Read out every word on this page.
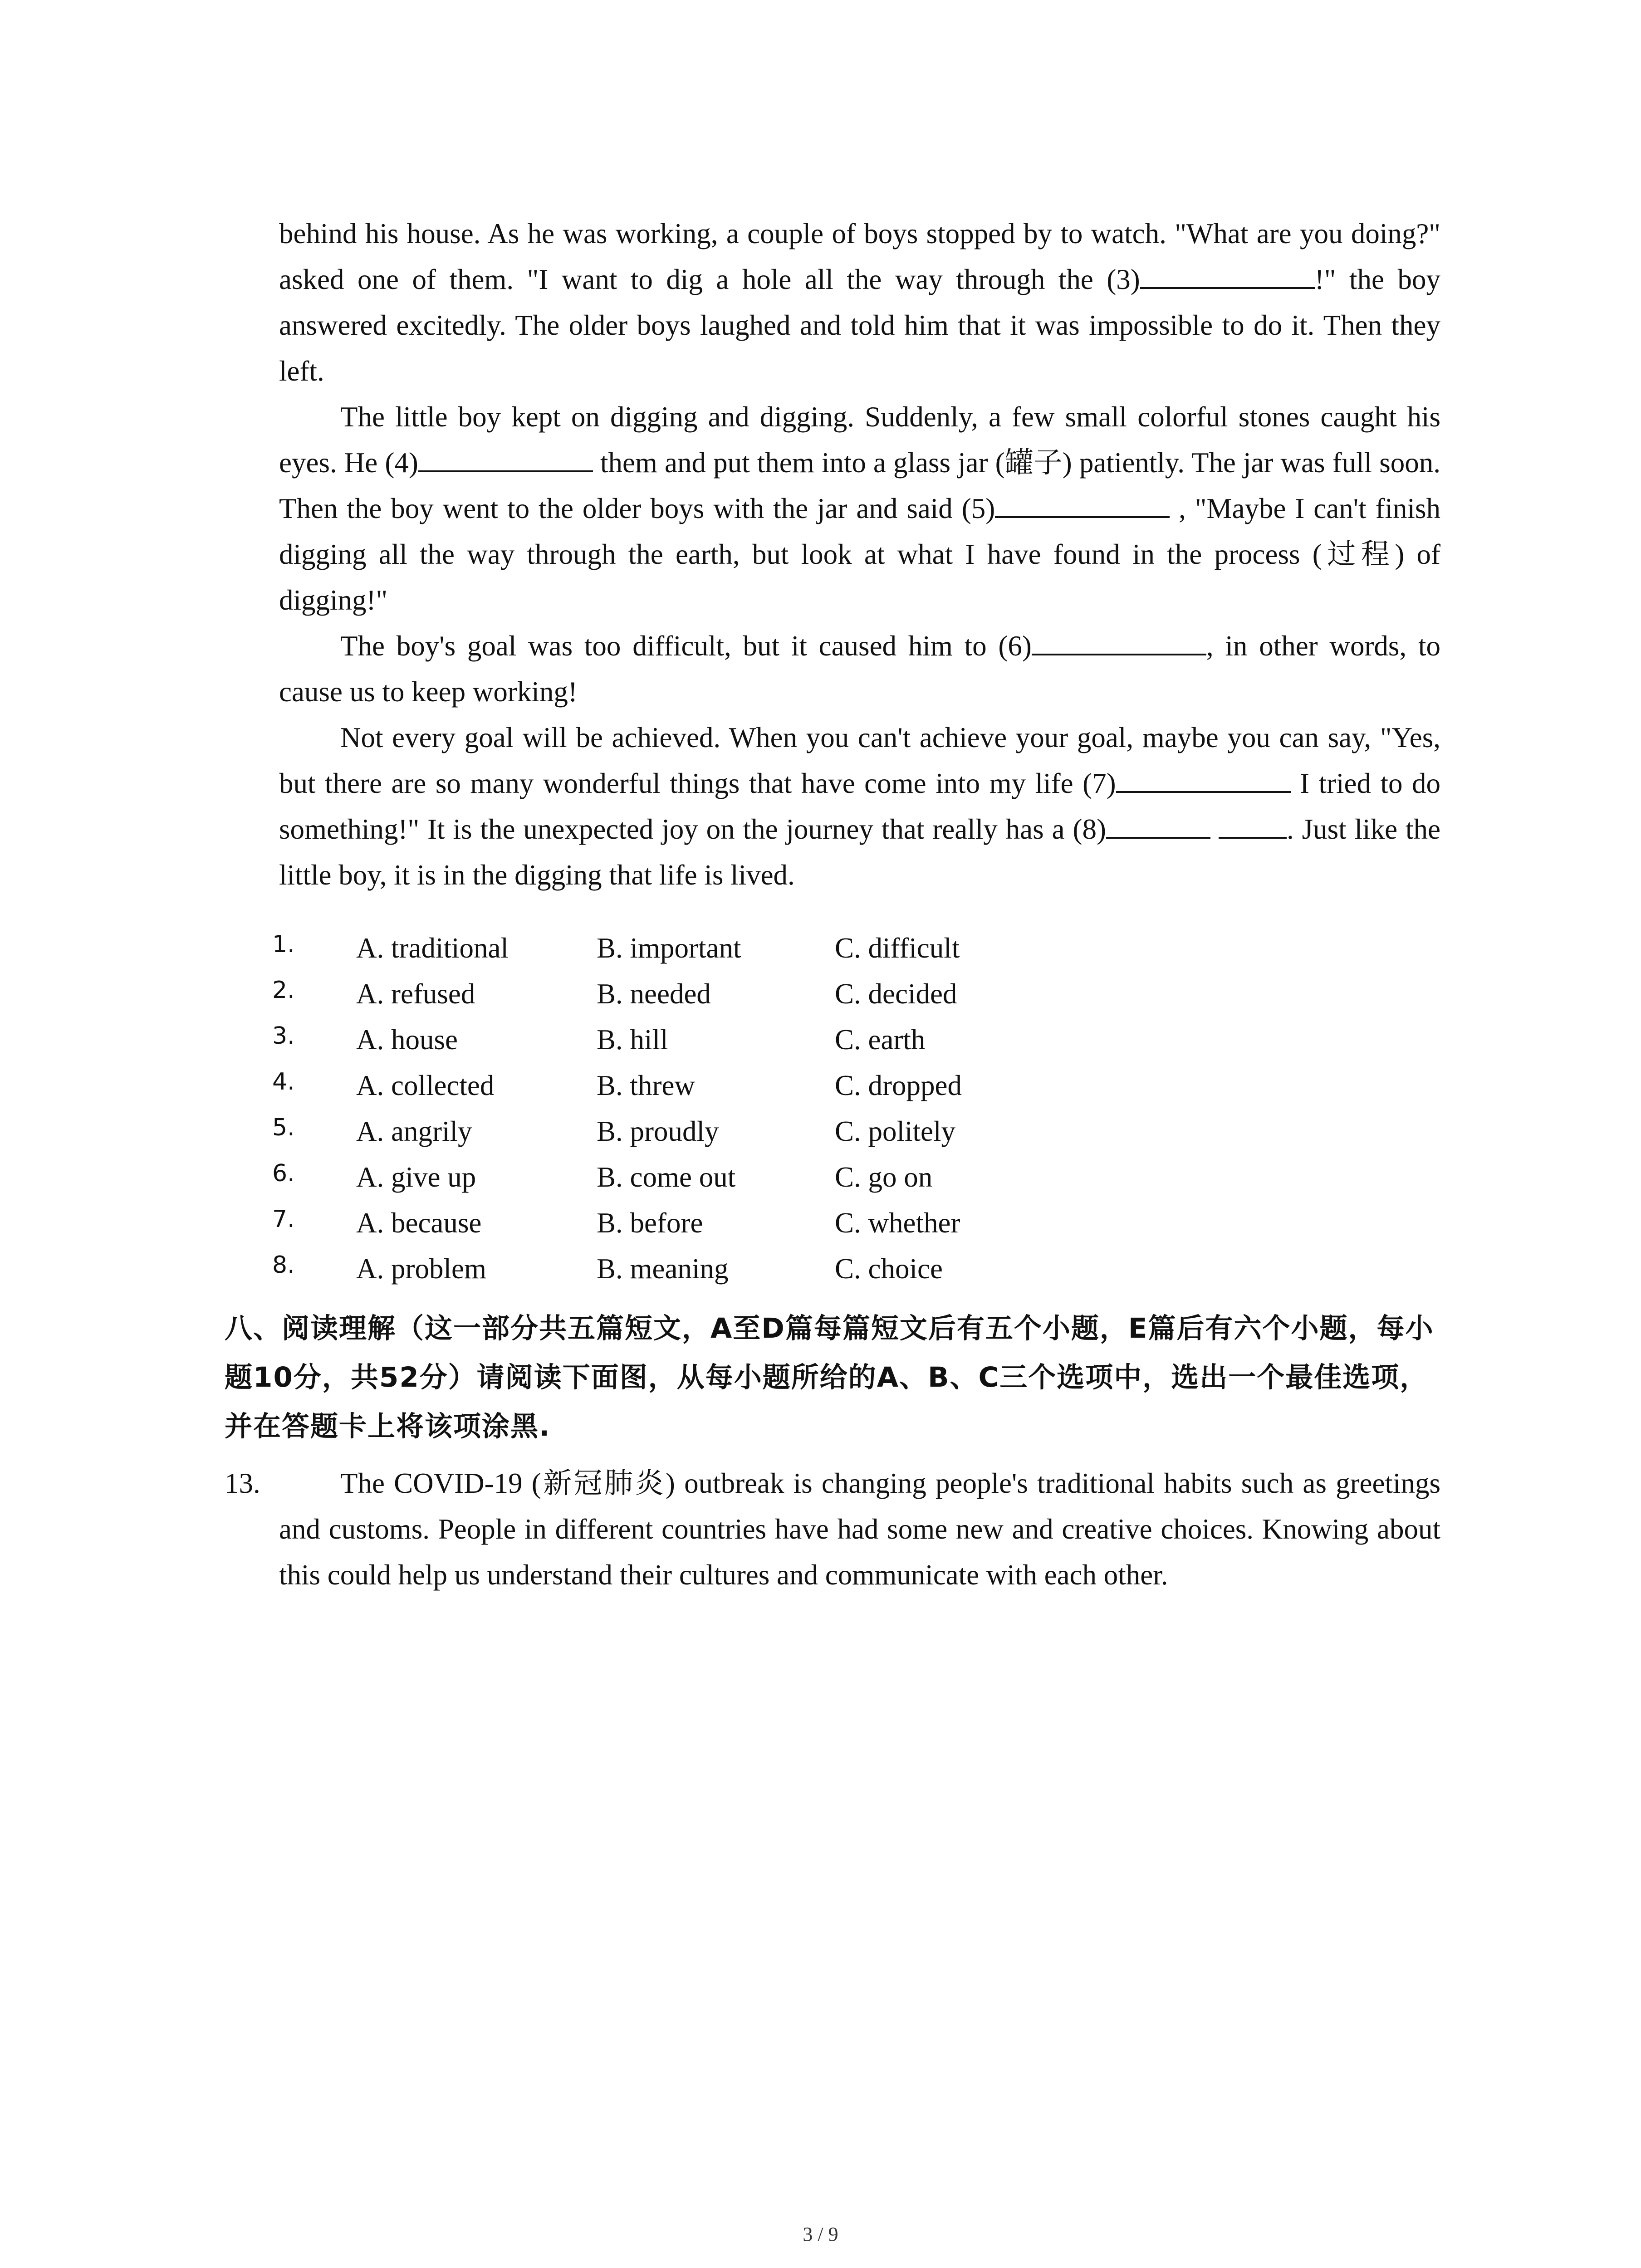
behind his house. As he was working, a couple of boys stopped by to watch. "What are you doing?" asked one of them. "I want to dig a hole all the way through the (3)	!" the boy answered excitedly. The older boys laughed and told him that it was impossible to do it. Then they left.

The little boy kept on digging and digging. Suddenly, a few small colorful stones caught his eyes. He (4)	them and put them into a glass jar (罐子) patiently. The jar was full soon. Then the boy went to the older boys with the jar and said (5)	, "Maybe I can't finish digging all the way through the earth, but look at what I have found in the process (过程) of digging!"

The boy's goal was too difficult, but it caused him to (6)	, in other words, to cause us to keep working!

Not every goal will be achieved. When you can't achieve your goal, maybe you can say, "Yes, but there are so many wonderful things that have come into my life (7)	I tried to do something!" It is the unexpected joy on the journey that really has a (8)	. Just like the little boy, it is in the digging that life is lived.

1. A. traditional	B. important	C. difficult
2. A. refused	B. needed	C. decided
3. A. house	B. hill	C. earth
4. A. collected	B. threw	C. dropped
5. A. angrily	B. proudly	C. politely
6. A. give up	B. come out	C. go on
7. A. because	B. before	C. whether
8. A. problem	B. meaning	C. choice

八、阅读理解（这一部分共五篇短文，A至D篇每篇短文后有五个小题，E篇后有六个小题，每小题10分，共52分）请阅读下面图，从每小题所给的A、B、C三个选项中，选出一个最佳选项，并在答题卡上将该项涂黑.

13.	The COVID-19 (新冠肺炎) outbreak is changing people's traditional habits such as greetings and customs. People in different countries have had some new and creative choices. Knowing about this could help us understand their cultures and communicate with each other.

3 / 9
